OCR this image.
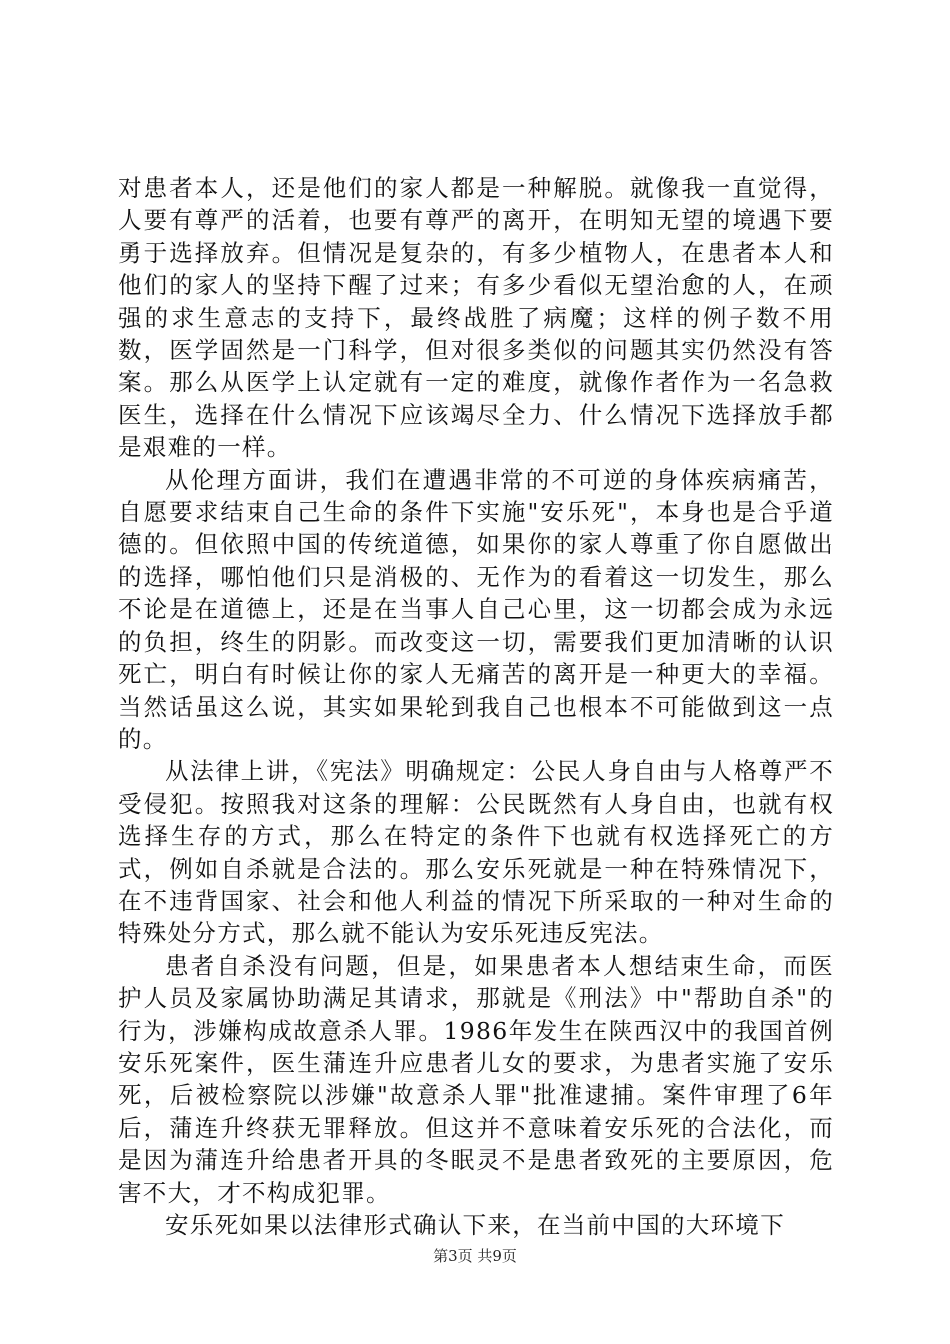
对患者本人，还是他们的家人都是一种解脱。就像我一直觉得，人要有尊严的活着，也要有尊严的离开，在明知无望的境遇下要勇于选择放弃。但情况是复杂的，有多少植物人，在患者本人和他们的家人的坚持下醒了过来；有多少看似无望治愈的人，在顽强的求生意志的支持下，最终战胜了病魔；这样的例子数不用数，医学固然是一门科学，但对很多类似的问题其实仍然没有答案。那么从医学上认定就有一定的难度，就像作者作为一名急救医生，选择在什么情况下应该竭尽全力、什么情况下选择放手都是艰难的一样。

从伦理方面讲，我们在遭遇非常的不可逆的身体疾病痛苦，自愿要求结束自己生命的条件下实施"安乐死"，本身也是合乎道德的。但依照中国的传统道德，如果你的家人尊重了你自愿做出的选择，哪怕他们只是消极的、无作为的看着这一切发生，那么不论是在道德上，还是在当事人自己心里，这一切都会成为永远的负担，终生的阴影。而改变这一切，需要我们更加清晰的认识死亡，明白有时候让你的家人无痛苦的离开是一种更大的幸福。当然话虽这么说，其实如果轮到我自己也根本不可能做到这一点的。

从法律上讲，《宪法》明确规定：公民人身自由与人格尊严不受侵犯。按照我对这条的理解：公民既然有人身自由，也就有权选择生存的方式，那么在特定的条件下也就有权选择死亡的方式，例如自杀就是合法的。那么安乐死就是一种在特殊情况下，在不违背国家、社会和他人利益的情况下所采取的一种对生命的特殊处分方式，那么就不能认为安乐死违反宪法。

患者自杀没有问题，但是，如果患者本人想结束生命，而医护人员及家属协助满足其请求，那就是《刑法》中"帮助自杀"的行为，涉嫌构成故意杀人罪。1986年发生在陕西汉中的我国首例安乐死案件，医生蒲连升应患者儿女的要求，为患者实施了安乐死，后被检察院以涉嫌"故意杀人罪"批准逮捕。案件审理了6年后，蒲连升终获无罪释放。但这并不意味着安乐死的合法化，而是因为蒲连升给患者开具的冬眠灵不是患者致死的主要原因，危害不大，才不构成犯罪。

安乐死如果以法律形式确认下来，在当前中国的大环境下

第3页 共9页
